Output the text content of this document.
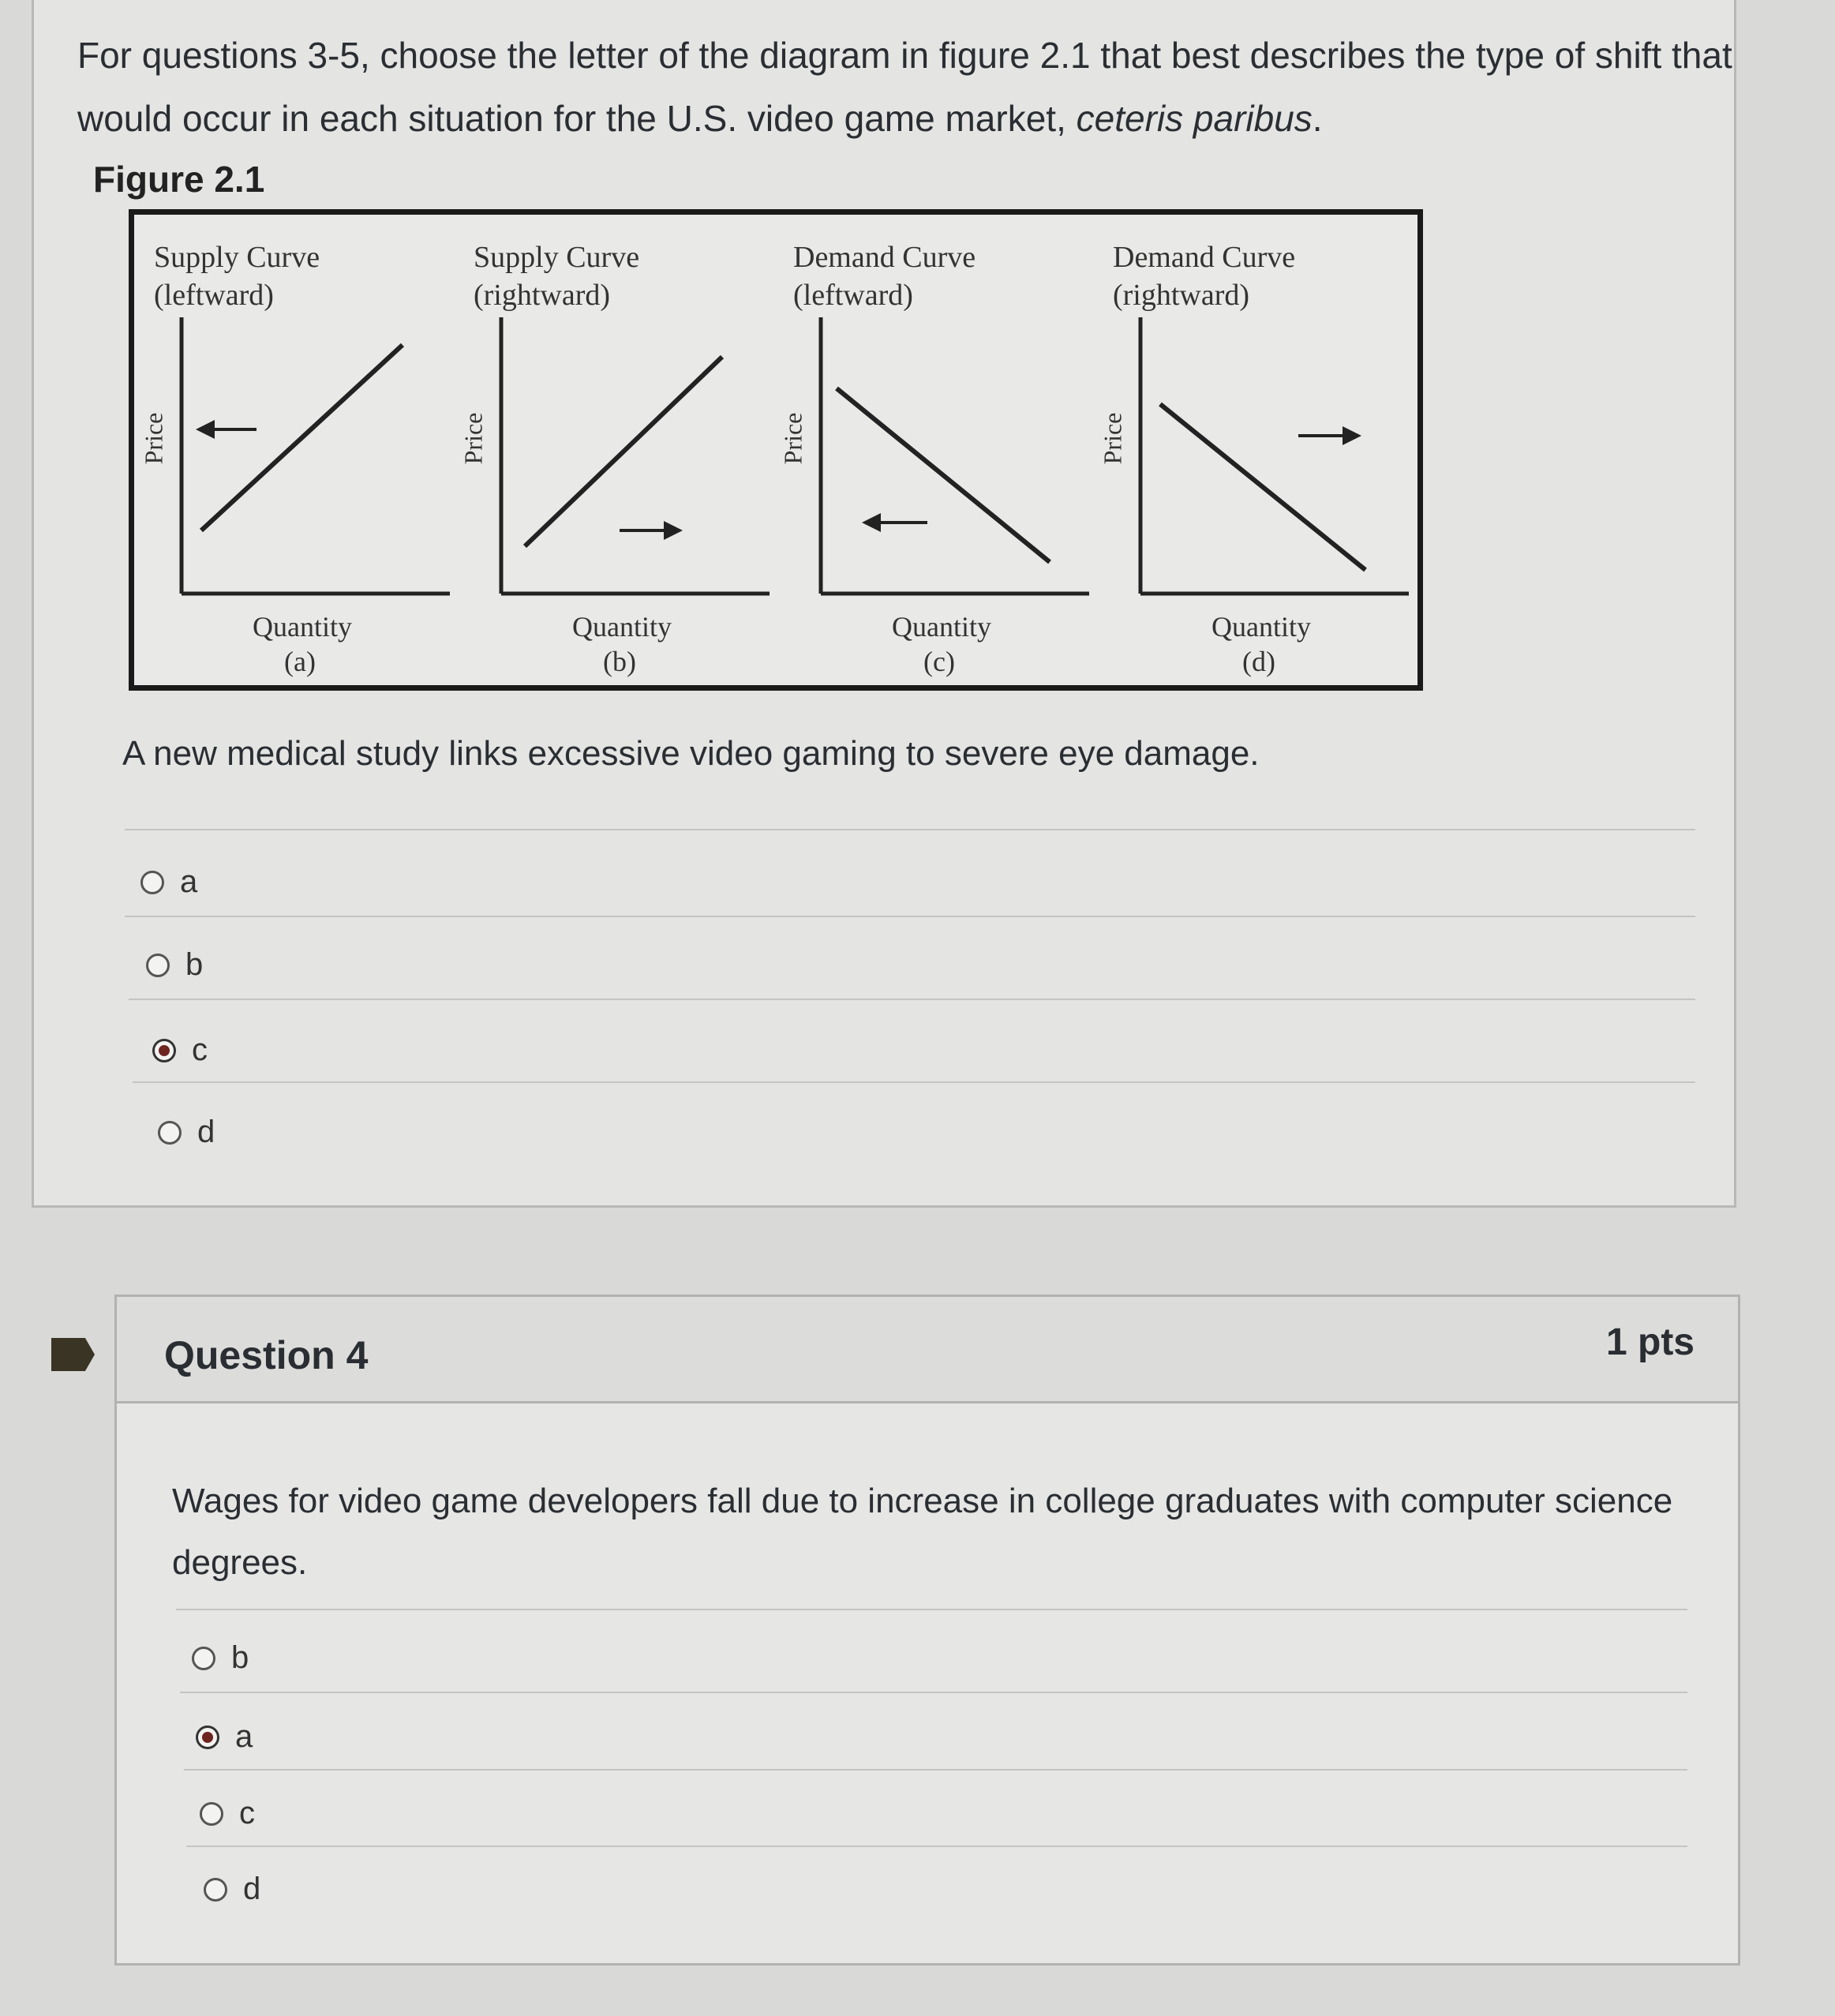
For questions 3-5, choose the letter of the diagram in figure 2.1 that best describes the type of shift that would occur in each situation for the U.S. video game market, ceteris paribus.
Figure 2.1
Supply Curve
(leftward)
Price
Quantity
(a)
Supply Curve
(rightward)
Price
Quantity
(b)
Demand Curve
(leftward)
Price
Quantity
(c)
Demand Curve
(rightward)
Price
Quantity
(d)
A new medical study links excessive video gaming to severe eye damage.
a
b
c
d
Question 4	1 pts
Wages for video game developers fall due to increase in college graduates with computer science degrees.
b
a
c
d
